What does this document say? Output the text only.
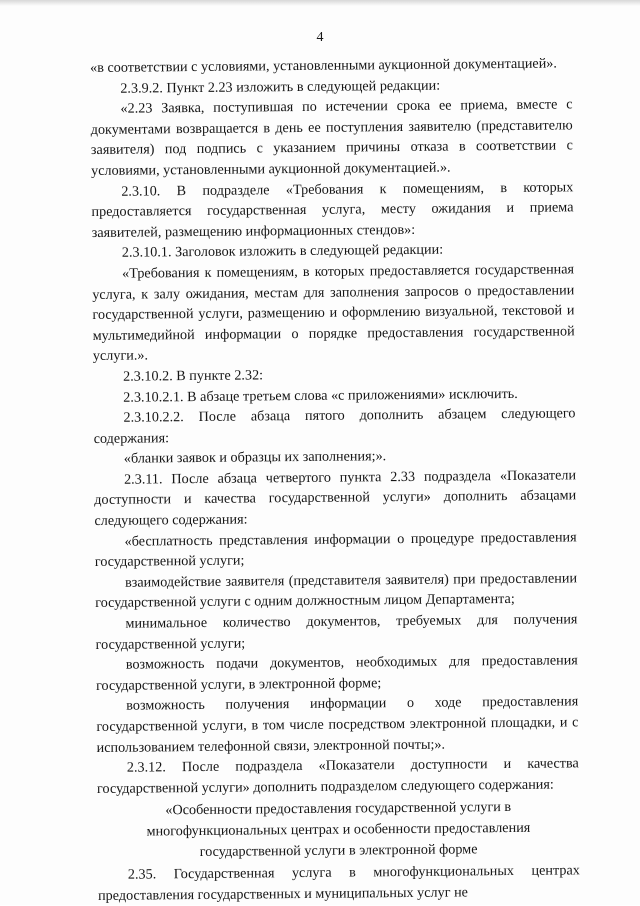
4

«в соответствии с условиями, установленными аукционной документацией».

2.3.9.2. Пункт 2.23 изложить в следующей редакции:

«2.23 Заявка, поступившая по истечении срока ее приема, вместе с документами возвращается в день ее поступления заявителю (представителю заявителя) под подпись с указанием причины отказа в соответствии с условиями, установленными аукционной документацией.».

2.3.10. В подразделе «Требования к помещениям, в которых предоставляется государственная услуга, месту ожидания и приема заявителей, размещению информационных стендов»:

2.3.10.1. Заголовок изложить в следующей редакции:

«Требования к помещениям, в которых предоставляется государственная услуга, к залу ожидания, местам для заполнения запросов о предоставлении государственной услуги, размещению и оформлению визуальной, текстовой и мультимедийной информации о порядке предоставления государственной услуги.».

2.3.10.2. В пункте 2.32:

2.3.10.2.1. В абзаце третьем слова «с приложениями» исключить.

2.3.10.2.2. После абзаца пятого дополнить абзацем следующего содержания:

«бланки заявок и образцы их заполнения;».

2.3.11. После абзаца четвертого пункта 2.33 подраздела «Показатели доступности и качества государственной услуги» дополнить абзацами следующего содержания:

«бесплатность представления информации о процедуре предоставления государственной услуги;

взаимодействие заявителя (представителя заявителя) при предоставлении государственной услуги с одним должностным лицом Департамента;

минимальное количество документов, требуемых для получения государственной услуги;

возможность подачи документов, необходимых для предоставления государственной услуги, в электронной форме;

возможность получения информации о ходе предоставления государственной услуги, в том числе посредством электронной площадки, и с использованием телефонной связи, электронной почты;».

2.3.12. После подраздела «Показатели доступности и качества государственной услуги» дополнить подразделом следующего содержания:

«Особенности предоставления государственной услуги в
многофункциональных центрах и особенности предоставления
государственной услуги в электронной форме

2.35. Государственная услуга в многофункциональных центрах предоставления государственных и муниципальных услуг не
